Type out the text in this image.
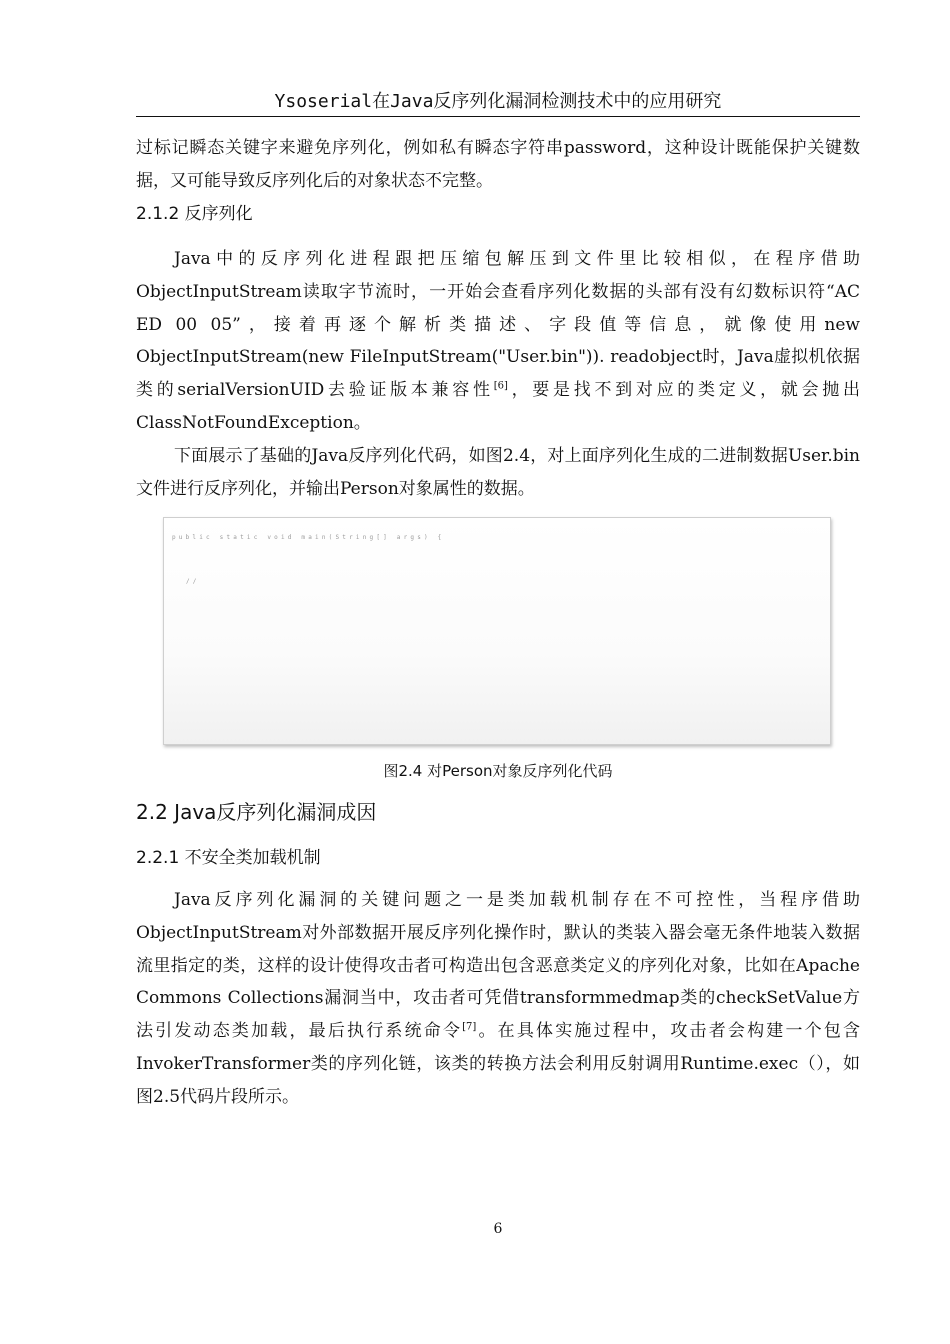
Ysoserial在Java反序列化漏洞检测技术中的应用研究

过标记瞬态关键字来避免序列化，例如私有瞬态字符串password，这种设计既能保护关键数据，又可能导致反序列化后的对象状态不完整。

2.1.2 反序列化

Java中的反序列化进程跟把压缩包解压到文件里比较相似，在程序借助ObjectInputStream读取字节流时，一开始会查看序列化数据的头部有没有幻数标识符“AC ED 00 05”，接着再逐个解析类描述、字段值等信息，就像使用new ObjectInputStream(new FileInputStream("User.bin")). readobject时，Java虚拟机依据类的serialVersionUID去验证版本兼容性[6]，要是找不到对应的类定义，就会抛出ClassNotFoundException。

下面展示了基础的Java反序列化代码，如图2.4，对上面序列化生成的二进制数据User.bin文件进行反序列化，并输出Person对象属性的数据。

public static void main(String[] args) {
//
图2.4 对Person对象反序列化代码
2.2 Java反序列化漏洞成因
2.2.1 不安全类加载机制

Java反序列化漏洞的关键问题之一是类加载机制存在不可控性，当程序借助ObjectInputStream对外部数据开展反序列化操作时，默认的类装入器会毫无条件地装入数据流里指定的类，这样的设计使得攻击者可构造出包含恶意类定义的序列化对象，比如在Apache Commons Collections漏洞当中，攻击者可凭借transformmedmap类的checkSetValue方法引发动态类加载，最后执行系统命令[7]。在具体实施过程中，攻击者会构建一个包含InvokerTransformer类的序列化链，该类的转换方法会利用反射调用Runtime.exec（），如图2.5代码片段所示。

6
